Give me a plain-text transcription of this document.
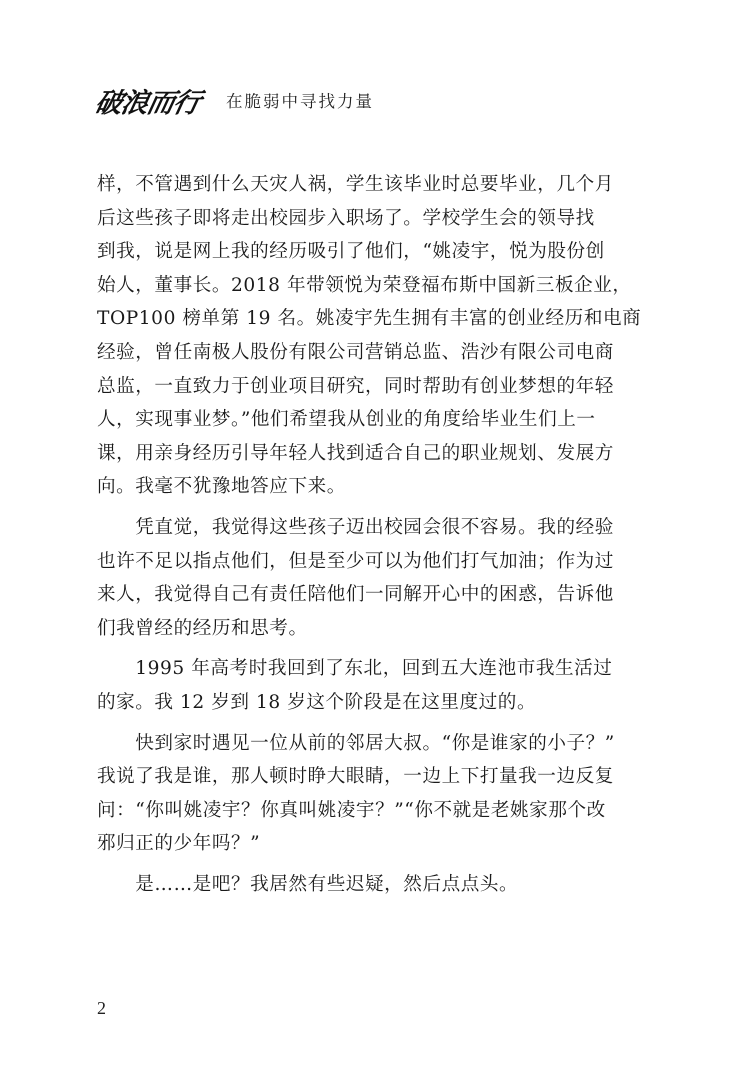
破浪而行 在脆弱中寻找力量
样，不管遇到什么天灾人祸，学生该毕业时总要毕业，几个月
后这些孩子即将走出校园步入职场了。学校学生会的领导找
到我，说是网上我的经历吸引了他们，“姚凌宇，悦为股份创
始人，董事长。2018 年带领悦为荣登福布斯中国新三板企业，
TOP100 榜单第 19 名。姚凌宇先生拥有丰富的创业经历和电商
经验，曾任南极人股份有限公司营销总监、浩沙有限公司电商
总监，一直致力于创业项目研究，同时帮助有创业梦想的年轻
人，实现事业梦。”他们希望我从创业的角度给毕业生们上一
课，用亲身经历引导年轻人找到适合自己的职业规划、发展方
向。我毫不犹豫地答应下来。
　　凭直觉，我觉得这些孩子迈出校园会很不容易。我的经验
也许不足以指点他们，但是至少可以为他们打气加油；作为过
来人，我觉得自己有责任陪他们一同解开心中的困惑，告诉他
们我曾经的经历和思考。
　　1995 年高考时我回到了东北，回到五大连池市我生活过
的家。我 12 岁到 18 岁这个阶段是在这里度过的。
　　快到家时遇见一位从前的邻居大叔。“你是谁家的小子？”
我说了我是谁，那人顿时睁大眼睛，一边上下打量我一边反复
问：“你叫姚凌宇？你真叫姚凌宇？”“你不就是老姚家那个改
邪归正的少年吗？”
　　是……是吧？我居然有些迟疑，然后点点头。
2
